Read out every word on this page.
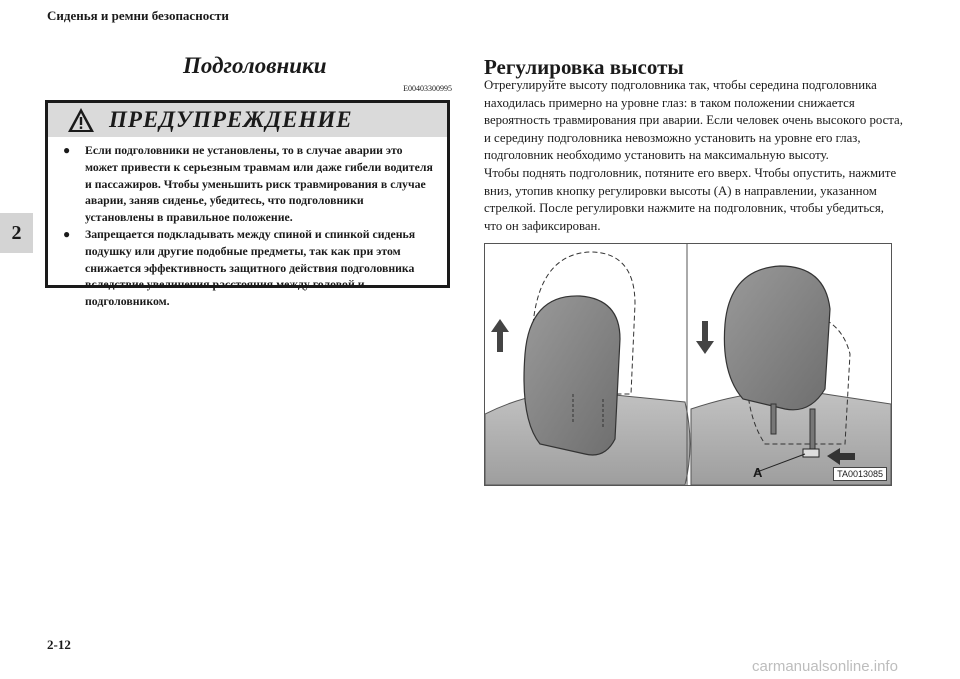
Сиденья и ремни безопасности
2
Подголовники
E00403300995
ПРЕДУПРЕЖДЕНИЕ
● Если подголовники не установлены, то в случае аварии это может привести к серьезным травмам или даже гибели водителя и пассажиров. Чтобы уменьшить риск травмирования в случае аварии, заняв сиденье, убедитесь, что подголовники установлены в правильное положение.
● Запрещается подкладывать между спиной и спинкой сиденья подушку или другие подобные предметы, так как при этом снижается эффективность защитного действия подголовника вследствие увеличения расстояния между головой и подголовником.
Регулировка высоты

Отрегулируйте высоту подголовника так, чтобы середина подголовника находилась примерно на уровне глаз: в таком положении снижается вероятность травмирования при аварии. Если человек очень высокого роста, и середину подголовника невозможно установить на уровне его глаз, подголовник необходимо установить на максимальную высоту.

Чтобы поднять подголовник, потяните его вверх. Чтобы опустить, нажмите вниз, утопив кнопку регулировки высоты (A) в направлении, указанном стрелкой. После регулировки нажмите на подголовник, чтобы убедиться, что он зафиксирован.

A	TA0013085
2-12
carmanualsonline.info
